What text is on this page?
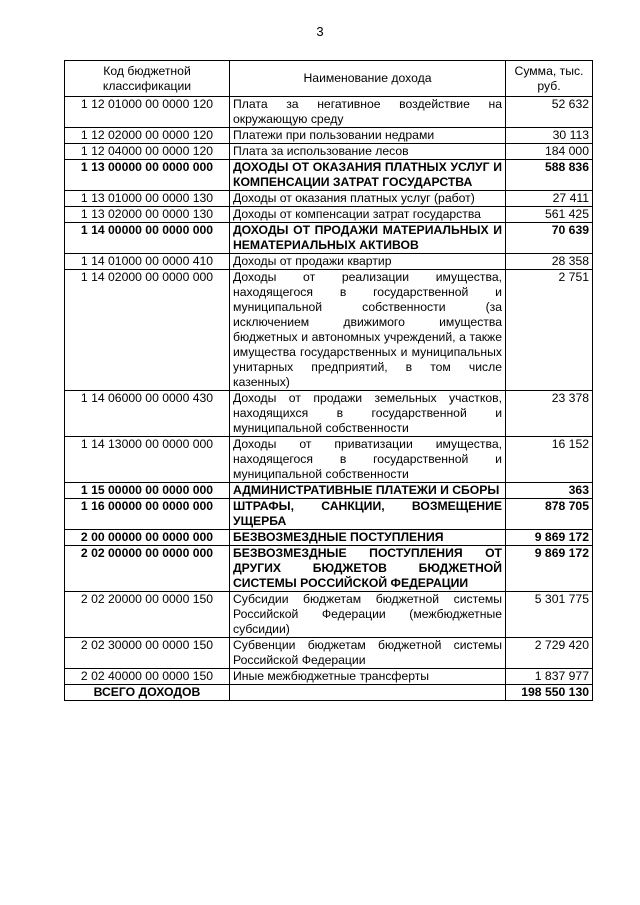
3
Код бюджетной классификации	Наименование дохода	Сумма, тыс. руб.
1 12 01000 00 0000 120	Плата за негативное воздействие на окружающую среду	52 632
1 12 02000 00 0000 120	Платежи при пользовании недрами	30 113
1 12 04000 00 0000 120	Плата за использование лесов	184 000
1 13 00000 00 0000 000	ДОХОДЫ ОТ ОКАЗАНИЯ ПЛАТНЫХ УСЛУГ И КОМПЕНСАЦИИ ЗАТРАТ ГОСУДАРСТВА	588 836
1 13 01000 00 0000 130	Доходы от оказания платных услуг (работ)	27 411
1 13 02000 00 0000 130	Доходы от компенсации затрат государства	561 425
1 14 00000 00 0000 000	ДОХОДЫ ОТ ПРОДАЖИ МАТЕРИАЛЬНЫХ И НЕМАТЕРИАЛЬНЫХ АКТИВОВ	70 639
1 14 01000 00 0000 410	Доходы от продажи квартир	28 358
1 14 02000 00 0000 000	Доходы от реализации имущества, находящегося в государственной и муниципальной собственности (за исключением движимого имущества бюджетных и автономных учреждений, а также имущества государственных и муниципальных унитарных предприятий, в том числе казенных)	2 751
1 14 06000 00 0000 430	Доходы от продажи земельных участков, находящихся в государственной и муниципальной собственности	23 378
1 14 13000 00 0000 000	Доходы от приватизации имущества, находящегося в государственной и муниципальной собственности	16 152
1 15 00000 00 0000 000	АДМИНИСТРАТИВНЫЕ ПЛАТЕЖИ И СБОРЫ	363
1 16 00000 00 0000 000	ШТРАФЫ, САНКЦИИ, ВОЗМЕЩЕНИЕ УЩЕРБА	878 705
2 00 00000 00 0000 000	БЕЗВОЗМЕЗДНЫЕ ПОСТУПЛЕНИЯ	9 869 172
2 02 00000 00 0000 000	БЕЗВОЗМЕЗДНЫЕ ПОСТУПЛЕНИЯ ОТ ДРУГИХ БЮДЖЕТОВ БЮДЖЕТНОЙ СИСТЕМЫ РОССИЙСКОЙ ФЕДЕРАЦИИ	9 869 172
2 02 20000 00 0000 150	Субсидии бюджетам бюджетной системы Российской Федерации (межбюджетные субсидии)	5 301 775
2 02 30000 00 0000 150	Субвенции бюджетам бюджетной системы Российской Федерации	2 729 420
2 02 40000 00 0000 150	Иные межбюджетные трансферты	1 837 977
ВСЕГО ДОХОДОВ		198 550 130
